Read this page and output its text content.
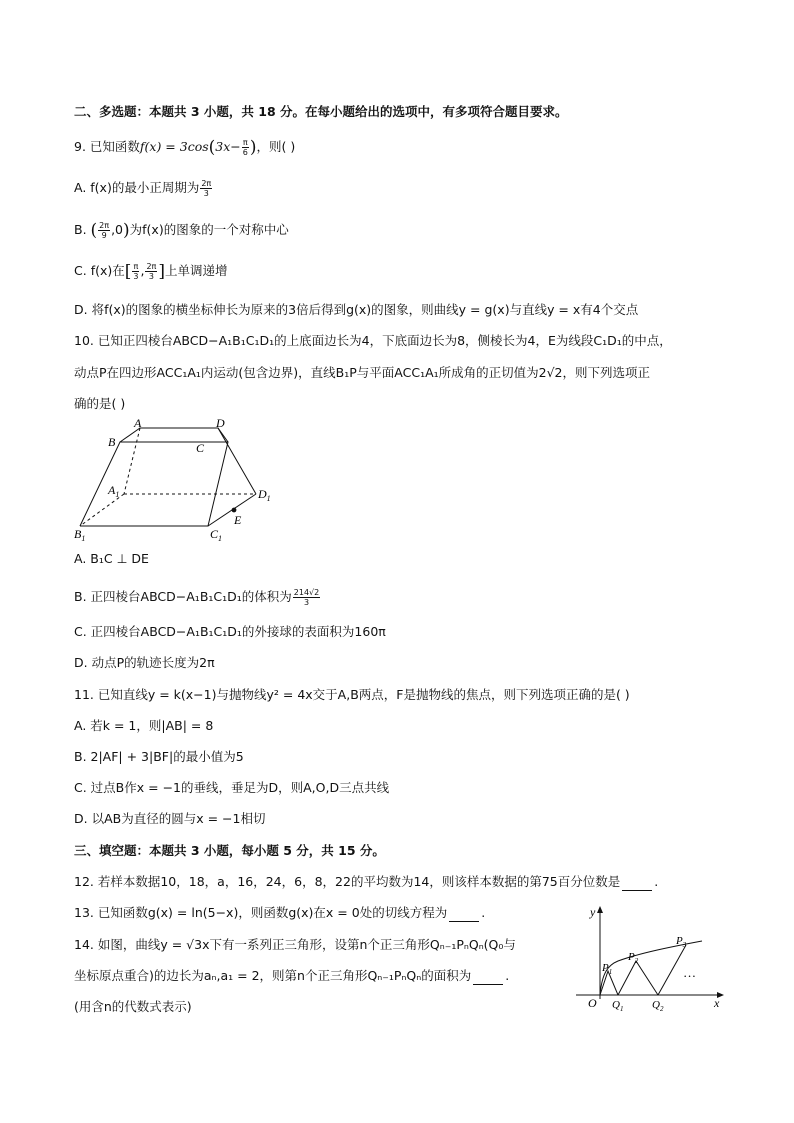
二、多选题：本题共 3 小题，共 18 分。在每小题给出的选项中，有多项符合题目要求。
9. 已知函数$f(x) = 3\cos(3x- \frac{\pi}{6}$ )，则( )
A. f(x)的最小正周期为 $\frac{2\pi}{3}$
B. ( $\frac{2\pi}{9} ,0$)为f(x)的图象的一个对称中心
C. f(x)在[ $\frac{\pi}{3}$ , $\frac{2\pi}{3}$ ]上单调递增
D. 将f(x)的图象的横坐标伸长为原来的3倍后得到g(x)的图象，则曲线y = g(x)与直线y = x有4个交点
10. 已知正四棱台ABCD−A₁B₁C₁D₁的上底面边长为4，下底面边长为8，侧棱长为4，E为线段C₁D₁的中点，
动点P在四边形ACC₁A₁内运动(包含边界)，直线B₁P与平面ACC₁A₁所成角的正切值为2√2，则下列选项正
确的是( )
A	D
B	C
$A_1$	$D_1$
E
$B_1$	$C_1$
A. B₁C ⊥ DE
B. 正四棱台ABCD−A₁B₁C₁D₁的体积为 $\frac{214√2}{3}$
C. 正四棱台ABCD−A₁B₁C₁D₁的外接球的表面积为160π
D. 动点P的轨迹长度为2π
11. 已知直线y = k(x−1)与抛物线y² = 4x交于A,B两点，F是抛物线的焦点，则下列选项正确的是( )
A. 若k = 1，则|AB| = 8
B. 2|AF| + 3|BF|的最小值为5
C. 过点B作x = −1的垂线，垂足为D，则A,O,D三点共线
D. 以AB为直径的圆与x = −1相切
三、填空题：本题共 3 小题，每小题 5 分，共 15 分。
12. 若样本数据10，18，a，16，24，6，8，22的平均数为14，则该样本数据的第75百分位数是	.
13. 已知函数g(x) = ln(5−x)，则函数g(x)在x = 0处的切线方程为	.
14. 如图，曲线y = √3x下有一系列正三角形，设第n个正三角形Qₙ₋₁PₙQₙ(Q₀与
坐标原点重合)的边长为aₙ,a₁ = 2，则第n个正三角形Qₙ₋₁PₙQₙ的面积为	.
(用含n的代数式表示)
y
x
O
$P_1$
$P_2$
$P_3$
$Q_1$	$Q_2$
…
